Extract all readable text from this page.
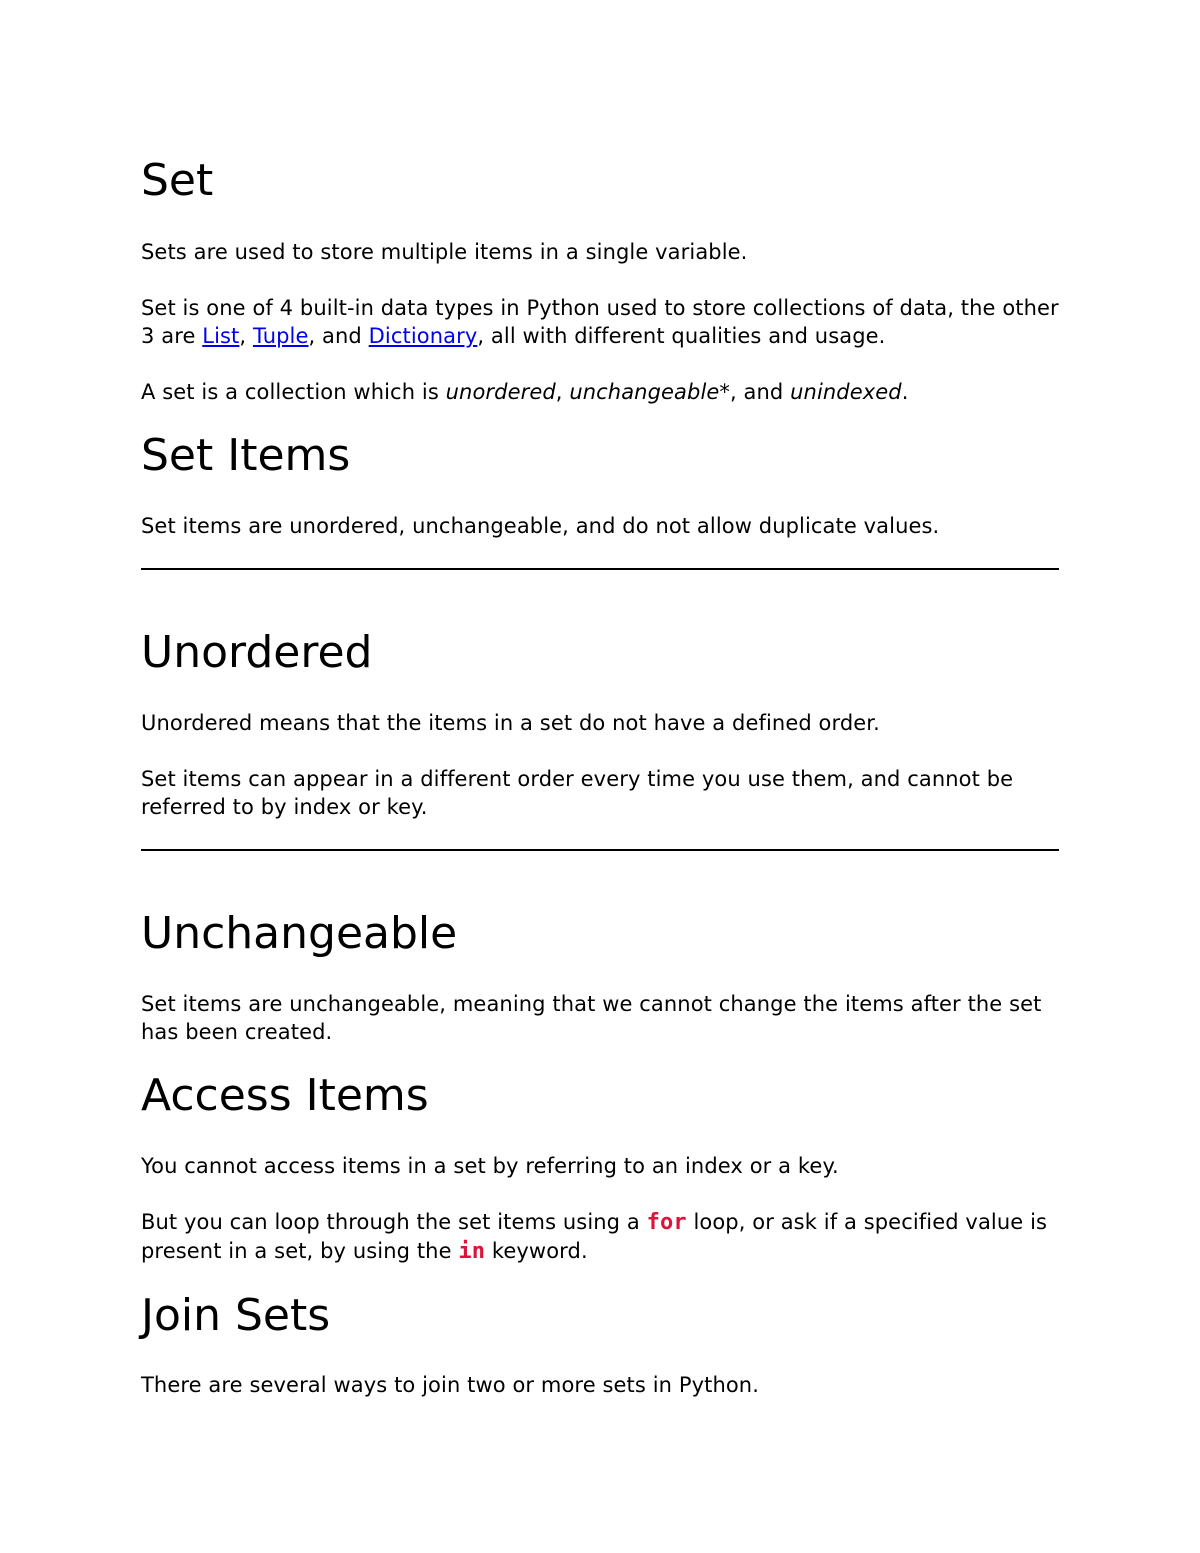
Set

Sets are used to store multiple items in a single variable.

Set is one of 4 built-in data types in Python used to store collections of data, the other 3 are List, Tuple, and Dictionary, all with different qualities and usage.

A set is a collection which is unordered, unchangeable*, and unindexed.

Set Items

Set items are unordered, unchangeable, and do not allow duplicate values.

Unordered

Unordered means that the items in a set do not have a defined order.

Set items can appear in a different order every time you use them, and cannot be referred to by index or key.

Unchangeable

Set items are unchangeable, meaning that we cannot change the items after the set has been created.

Access Items

You cannot access items in a set by referring to an index or a key.

But you can loop through the set items using a for loop, or ask if a specified value is present in a set, by using the in keyword.

Join Sets

There are several ways to join two or more sets in Python.
